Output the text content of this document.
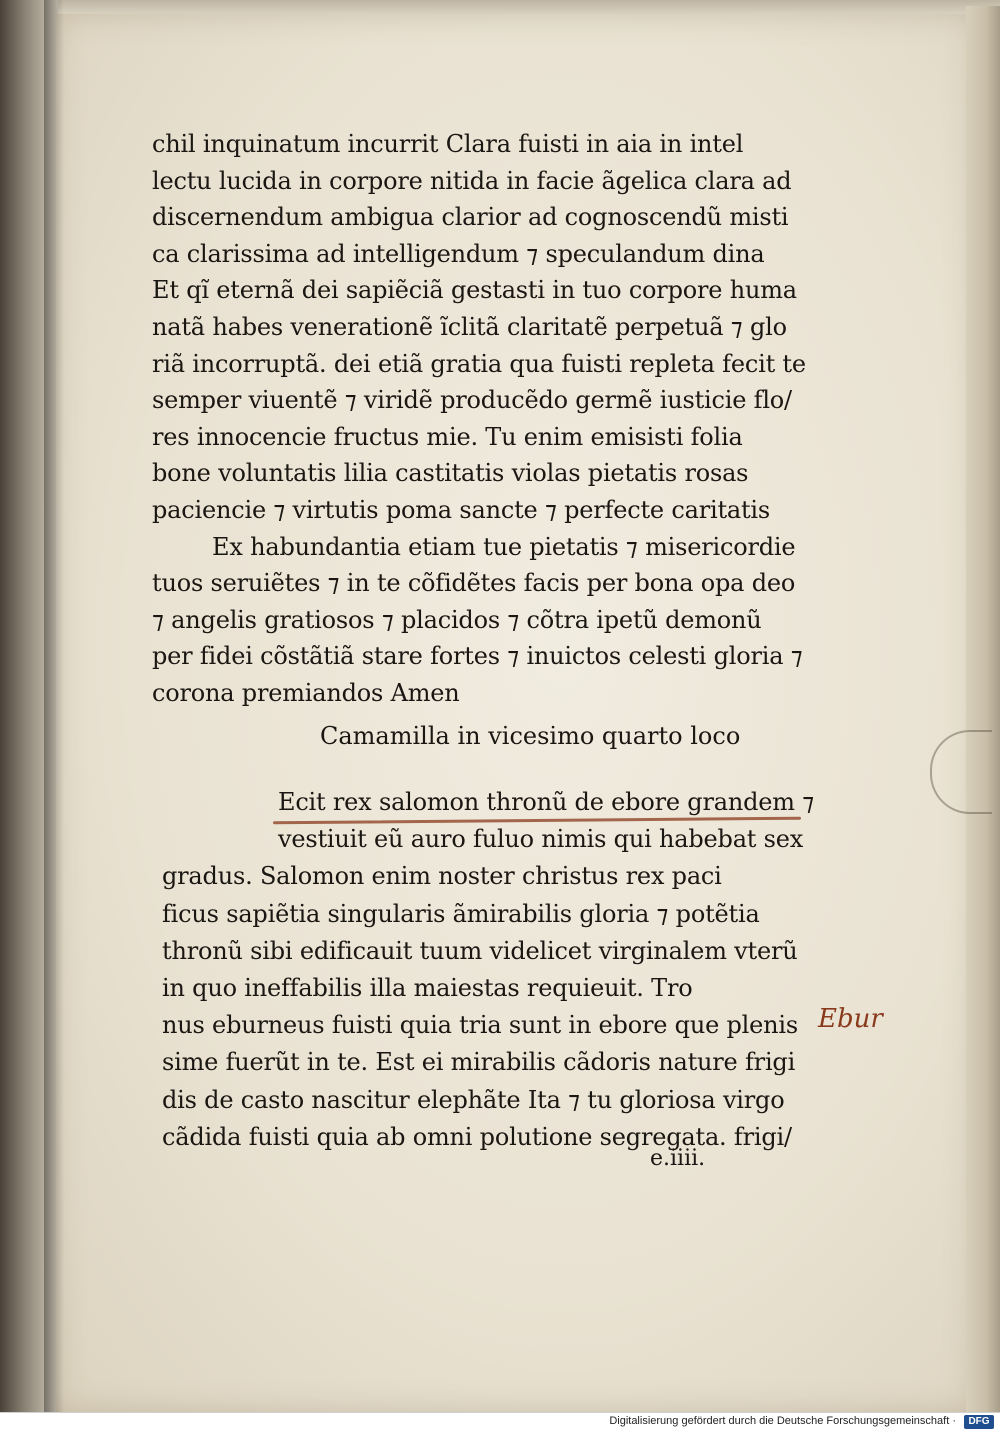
chil inquinatum incurrit Clara fuisti in aia in intel
lectu lucida in corpore nitida in facie ãgelica clara ad
discernendum ambigua clarior ad cognoscendũ misti
ca clarissima ad intelligendum ⁊ speculandum dina
Et qĩ eternã dei sapiẽciã gestasti in tuo corpore huma
natã habes venerationẽ ĩclitã claritatẽ perpetuã ⁊ glo
riã incorruptã. dei etiã gratia qua fuisti repleta fecit te
semper viuentẽ ⁊ viridẽ producẽdo germẽ iusticie flo/
res innocencie fructus mie. Tu enim emisisti folia
bone voluntatis lilia castitatis violas pietatis rosas
paciencie ⁊ virtutis poma sancte ⁊ perfecte caritatis
Ex habundantia etiam tue pietatis ⁊ misericordie
tuos seruiẽtes ⁊ in te cõfidẽtes facis per bona opa deo
⁊ angelis gratiosos ⁊ placidos ⁊ cõtra ipetũ demonũ
per fidei cõstãtiã stare fortes ⁊ inuictos celesti gloria ⁊
corona premiandos Amen
Camamilla in vicesimo quarto loco
Ecit rex salomon thronũ de ebore grandem ⁊
vestiuit eũ auro fuluo nimis qui habebat sex
gradus. Salomon enim noster christus rex paci
ficus sapiẽtia singularis ãmirabilis gloria ⁊ potẽtia
thronũ sibi edificauit tuum videlicet virginalem vterũ
in quo ineffabilis illa maiestas requieuit. Tro
nus eburneus fuisti quia tria sunt in ebore que plenis
sime fuerũt in te. Est ei mirabilis cãdoris nature frigi
dis de casto nascitur elephãte Ita ⁊ tu gloriosa virgo
cãdida fuisti quia ab omni polutione segregata. frigi/
Ebur
e.iiii.
Digitalisierung gefördert durch die Deutsche Forschungsgemeinschaft ·	DFG
